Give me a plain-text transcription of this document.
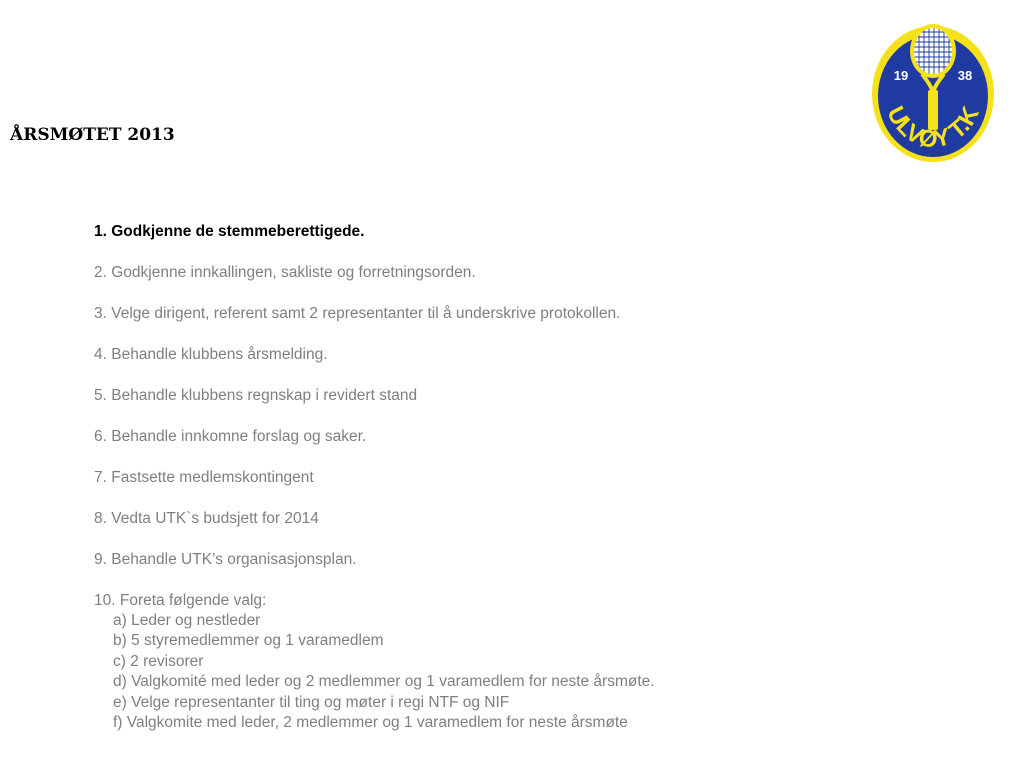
ÅRSMØTET 2013
19	38
ULVØY T.K
1. Godkjenne de stemmeberettigede.
2. Godkjenne innkallingen, sakliste og forretningsorden.
3. Velge dirigent, referent samt 2 representanter til å underskrive protokollen.
4. Behandle klubbens årsmelding.
5. Behandle klubbens regnskap i revidert stand
6. Behandle innkomne forslag og saker.
7. Fastsette medlemskontingent
8. Vedta UTK`s budsjett for 2014
9. Behandle UTK’s organisasjonsplan.
10. Foreta følgende valg:
a) Leder og nestleder
b) 5 styremedlemmer og 1 varamedlem
c) 2 revisorer
d) Valgkomité med leder og 2 medlemmer og 1 varamedlem for neste årsmøte.
e) Velge representanter til ting og møter i regi NTF og NIF
f) Valgkomite med leder, 2 medlemmer og 1 varamedlem for neste årsmøte
